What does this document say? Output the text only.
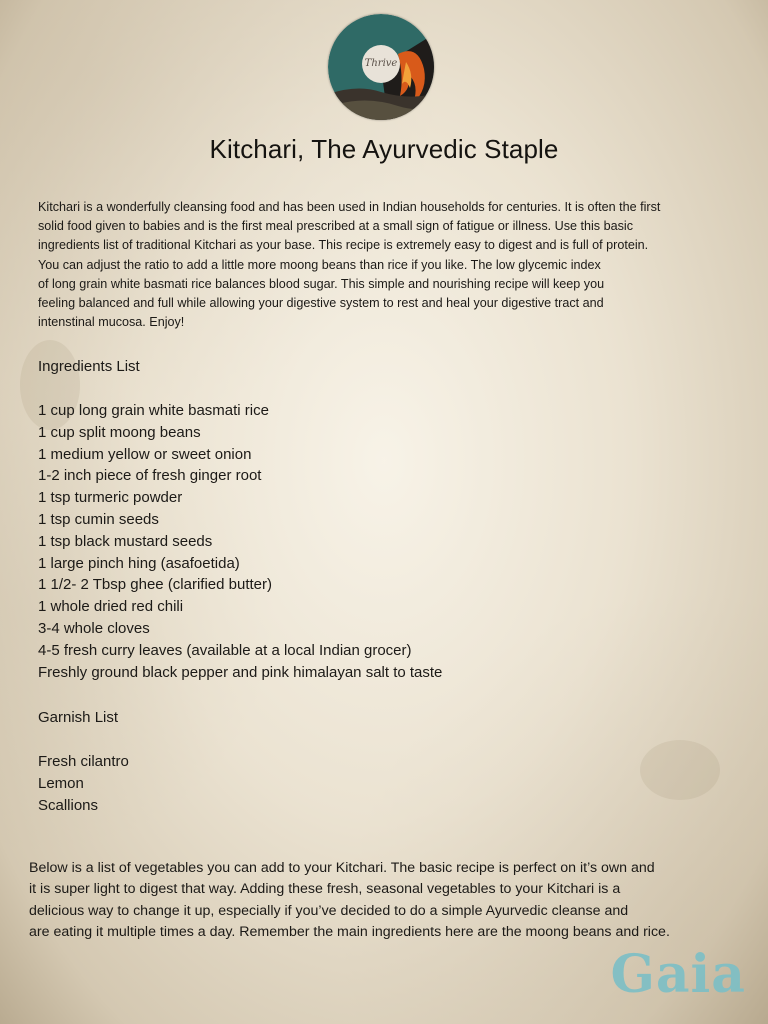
Thrive
Kitchari, The Ayurvedic Staple
Kitchari is a wonderfully cleansing food and has been used in Indian households for centuries. It is often the first
solid food given to babies and is the first meal prescribed at a small sign of fatigue or illness. Use this basic
ingredients list of traditional Kitchari as your base. This recipe is extremely easy to digest and is full of protein.
You can adjust the ratio to add a little more moong beans than rice if you like. The low glycemic index
of long grain white basmati rice balances blood sugar. This simple and nourishing recipe will keep you
feeling balanced and full while allowing your digestive system to rest and heal your digestive tract and
intenstinal mucosa. Enjoy!
Ingredients List
1 cup long grain white basmati rice
1 cup split moong beans
1 medium yellow or sweet onion
1-2 inch piece of fresh ginger root
1 tsp turmeric powder
1 tsp cumin seeds
1 tsp black mustard seeds
1 large pinch hing (asafoetida)
1 1/2- 2 Tbsp ghee (clarified butter)
1 whole dried red chili
3-4 whole cloves
4-5 fresh curry leaves (available at a local Indian grocer)
Freshly ground black pepper and pink himalayan salt to taste
Garnish List
Fresh cilantro
Lemon
Scallions
Below is a list of vegetables you can add to your Kitchari. The basic recipe is perfect on it’s own and
it is super light to digest that way. Adding these fresh, seasonal vegetables to your Kitchari is a
delicious way to change it up, especially if you’ve decided to do a simple Ayurvedic cleanse and
are eating it multiple times a day. Remember the main ingredients here are the moong beans and rice.
Gaia
